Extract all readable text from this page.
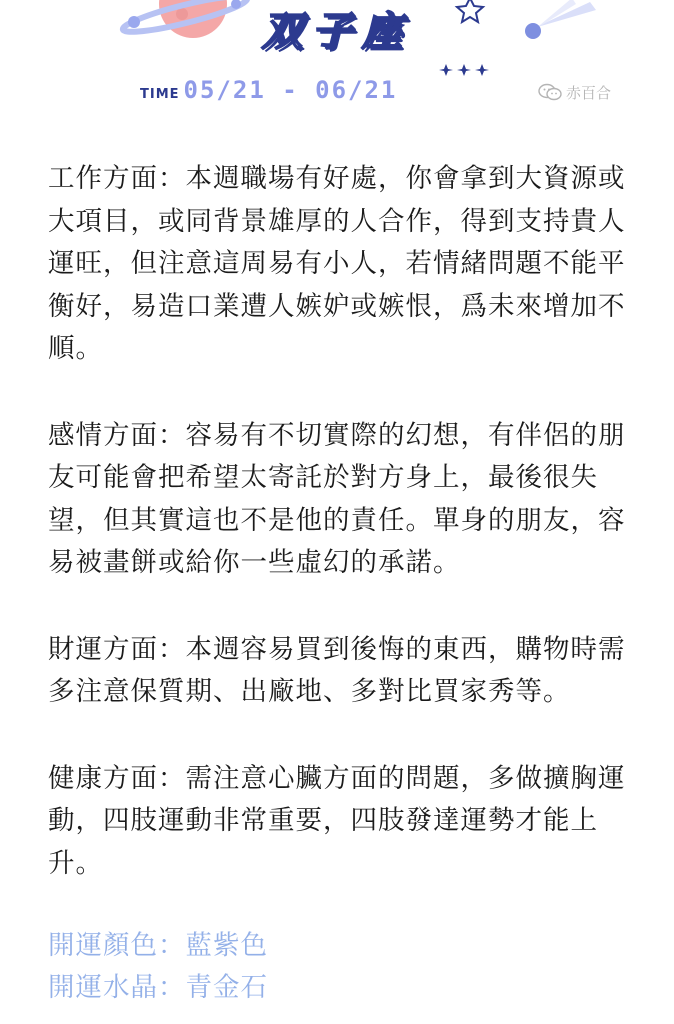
双子座
TIME 05/21 - 06/21	赤百合

工作方面：本週職場有好處，你會拿到大資源或大項目，或同背景雄厚的人合作，得到支持貴人運旺，但注意這周易有小人，若情緒問題不能平衡好，易造口業遭人嫉妒或嫉恨，爲未來增加不順。

感情方面：容易有不切實際的幻想，有伴侶的朋友可能會把希望太寄託於對方身上，最後很失望，但其實這也不是他的責任。單身的朋友，容易被畫餅或給你一些虛幻的承諾。

財運方面：本週容易買到後悔的東西，購物時需多注意保質期、出廠地、多對比買家秀等。

健康方面：需注意心臟方面的問題，多做擴胸運動，四肢運動非常重要，四肢發達運勢才能上升。

開運顏色：藍紫色

開運水晶：青金石
